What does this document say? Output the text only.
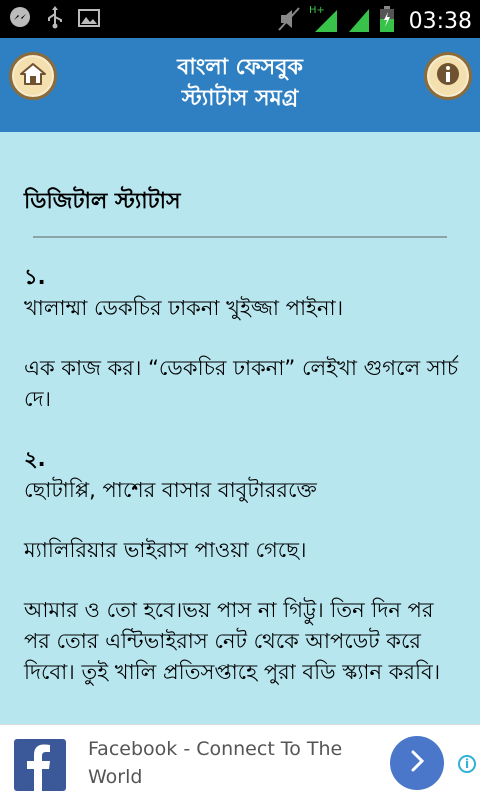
H+	03:38
বাংলা ফেসবুক
স্ট্যাটাস সমগ্র
ডিজিটাল স্ট্যাটাস

১.

খালাম্মা ডেকচির ঢাকনা খুইজ্জা পাইনা।

এক কাজ কর। “ডেকচির ঢাকনা” লেইখা গুগলে সার্চ দে।

২.

ছোটাপ্পি, পাশের বাসার বাবুটাররক্তে

ম্যালিরিয়ার ভাইরাস পাওয়া গেছে।

আমার ও তো হবে।ভয় পাস না গিট্টু। তিন দিন পর পর তোর এন্টিভাইরাস নেট থেকে আপডেট করে দিবো। তুই খালি প্রতিসপ্তাহে পুরা বডি স্ক্যান করবি।

Facebook - Connect To The World
i
